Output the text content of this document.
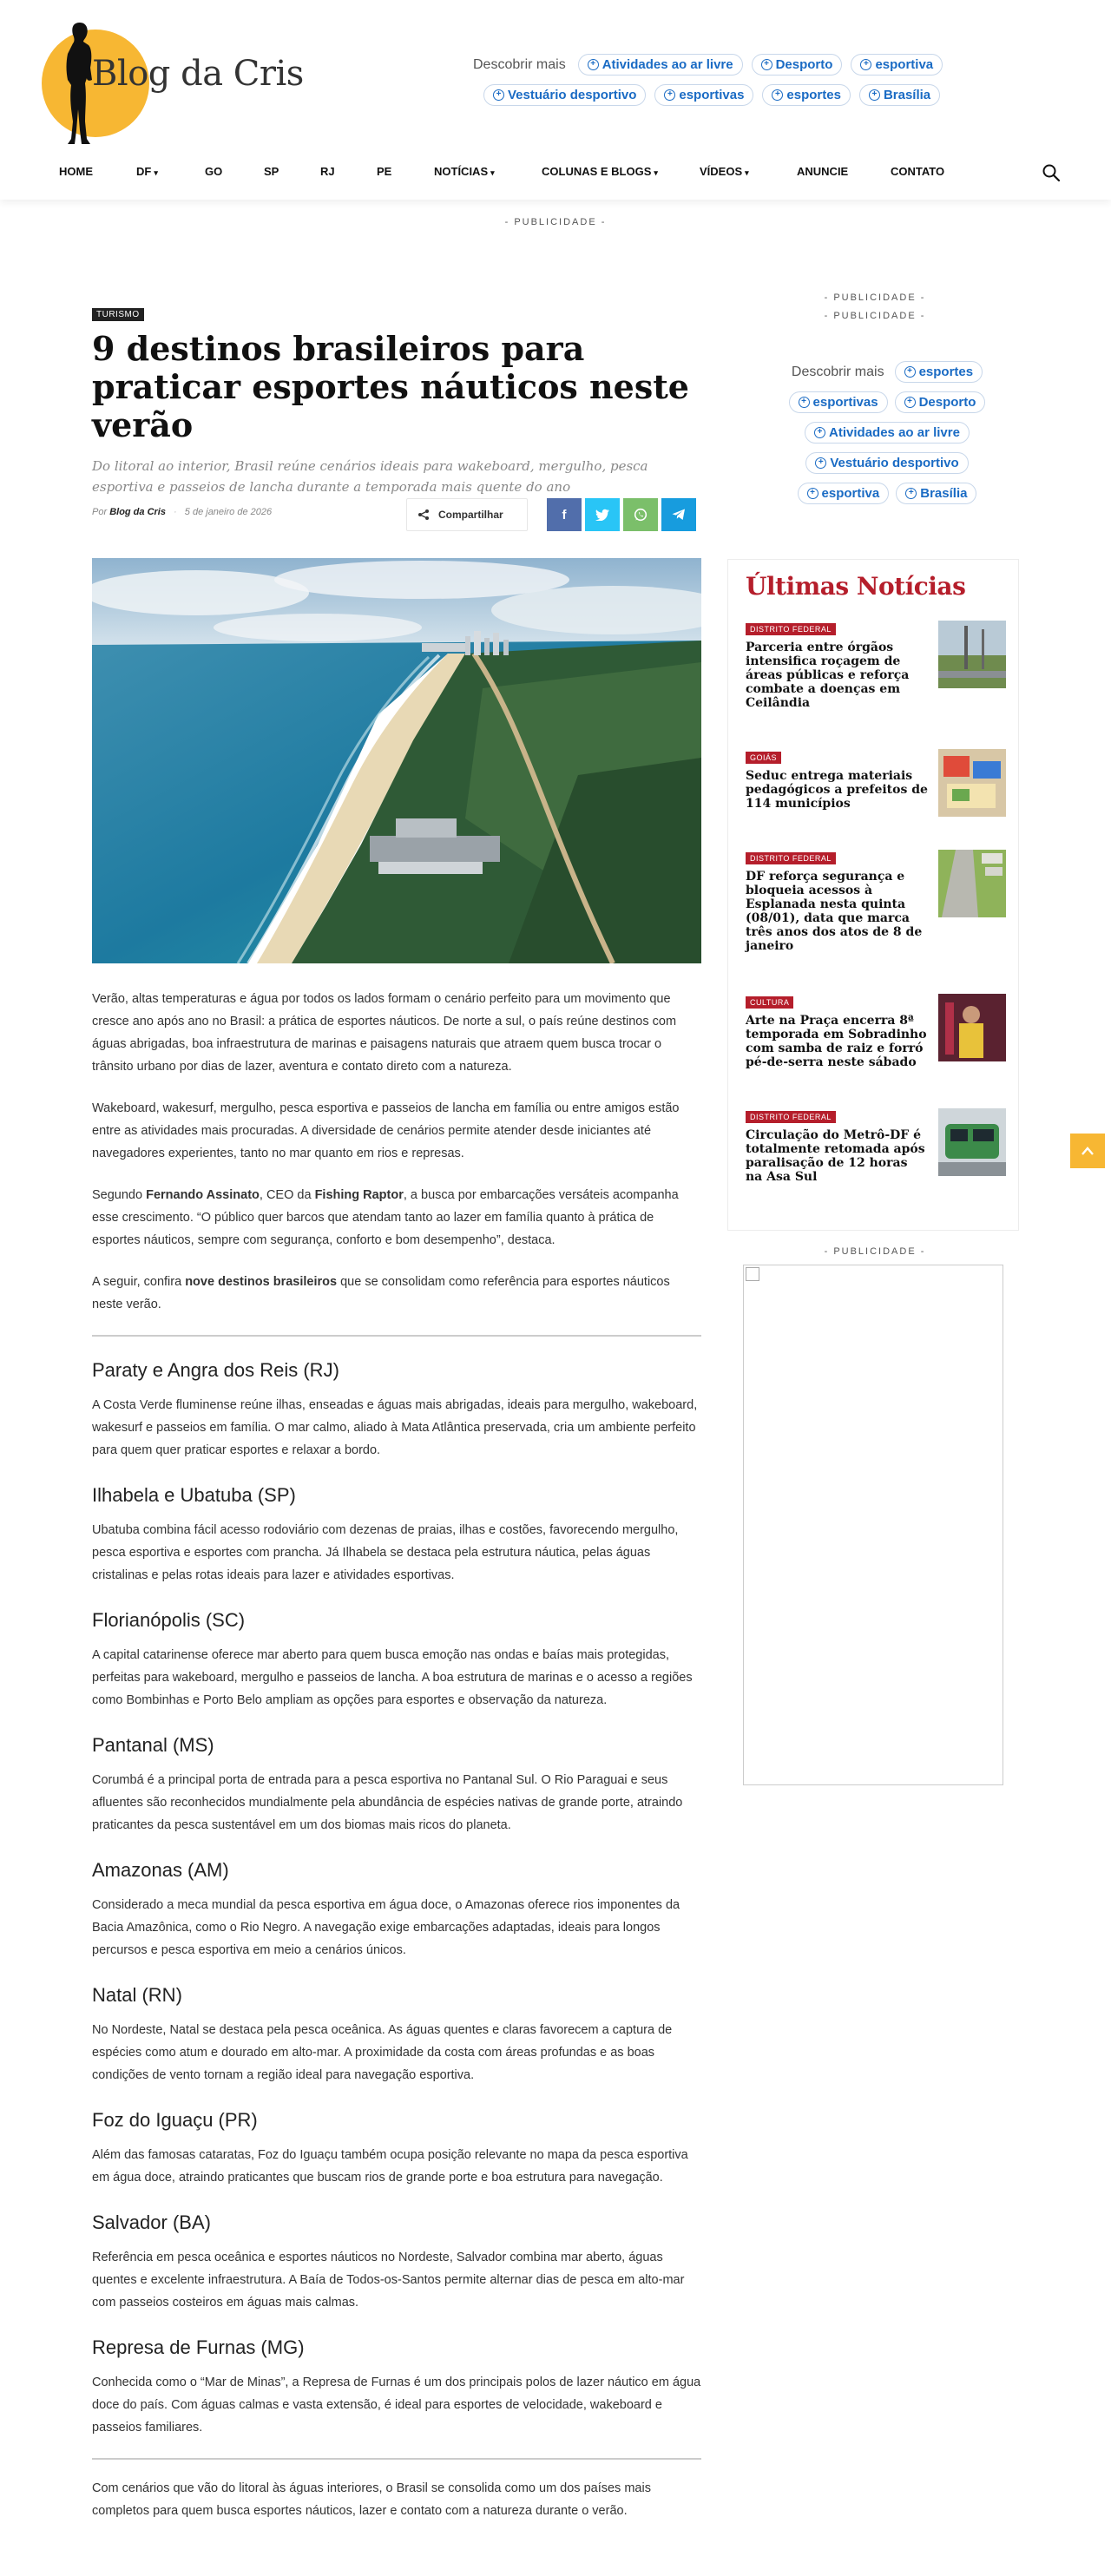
Blog da Cris	Descobrir mais	+ Atividades ao ar livre	+ Desporto	+ esportiva
+ Vestuário desportivo	+ esportivas	+ esportes	+ Brasília
HOME	DF ▾	GO	SP	RJ	PE	NOTÍCIAS ▾	COLUNAS E BLOGS ▾	VÍDEOS ▾	ANUNCIE	CONTATO
- PUBLICIDADE -
TURISMO
9 destinos brasileiros para praticar esportes náuticos neste verão
Do litoral ao interior, Brasil reúne cenários ideais para wakeboard, mergulho, pesca esportiva e passeios de lancha durante a temporada mais quente do ano
Por Blog da Cris · 5 de janeiro de 2026	Compartilhar	f

Verão, altas temperaturas e água por todos os lados formam o cenário perfeito para um movimento que cresce ano após ano no Brasil: a prática de esportes náuticos. De norte a sul, o país reúne destinos com águas abrigadas, boa infraestrutura de marinas e paisagens naturais que atraem quem busca trocar o trânsito urbano por dias de lazer, aventura e contato direto com a natureza.

Wakeboard, wakesurf, mergulho, pesca esportiva e passeios de lancha em família ou entre amigos estão entre as atividades mais procuradas. A diversidade de cenários permite atender desde iniciantes até navegadores experientes, tanto no mar quanto em rios e represas.

Segundo Fernando Assinato, CEO da Fishing Raptor, a busca por embarcações versáteis acompanha esse crescimento. “O público quer barcos que atendam tanto ao lazer em família quanto à prática de esportes náuticos, sempre com segurança, conforto e bom desempenho”, destaca.

A seguir, confira nove destinos brasileiros que se consolidam como referência para esportes náuticos neste verão.

Paraty e Angra dos Reis (RJ)

A Costa Verde fluminense reúne ilhas, enseadas e águas mais abrigadas, ideais para mergulho, wakeboard, wakesurf e passeios em família. O mar calmo, aliado à Mata Atlântica preservada, cria um ambiente perfeito para quem quer praticar esportes e relaxar a bordo.

Ilhabela e Ubatuba (SP)

Ubatuba combina fácil acesso rodoviário com dezenas de praias, ilhas e costões, favorecendo mergulho, pesca esportiva e esportes com prancha. Já Ilhabela se destaca pela estrutura náutica, pelas águas cristalinas e pelas rotas ideais para lazer e atividades esportivas.

Florianópolis (SC)

A capital catarinense oferece mar aberto para quem busca emoção nas ondas e baías mais protegidas, perfeitas para wakeboard, mergulho e passeios de lancha. A boa estrutura de marinas e o acesso a regiões como Bombinhas e Porto Belo ampliam as opções para esportes e observação da natureza.

Pantanal (MS)

Corumbá é a principal porta de entrada para a pesca esportiva no Pantanal Sul. O Rio Paraguai e seus afluentes são reconhecidos mundialmente pela abundância de espécies nativas de grande porte, atraindo praticantes da pesca sustentável em um dos biomas mais ricos do planeta.

Amazonas (AM)

Considerado a meca mundial da pesca esportiva em água doce, o Amazonas oferece rios imponentes da Bacia Amazônica, como o Rio Negro. A navegação exige embarcações adaptadas, ideais para longos percursos e pesca esportiva em meio a cenários únicos.

Natal (RN)

No Nordeste, Natal se destaca pela pesca oceânica. As águas quentes e claras favorecem a captura de espécies como atum e dourado em alto-mar. A proximidade da costa com áreas profundas e as boas condições de vento tornam a região ideal para navegação esportiva.

Foz do Iguaçu (PR)

Além das famosas cataratas, Foz do Iguaçu também ocupa posição relevante no mapa da pesca esportiva em água doce, atraindo praticantes que buscam rios de grande porte e boa estrutura para navegação.

Salvador (BA)

Referência em pesca oceânica e esportes náuticos no Nordeste, Salvador combina mar aberto, águas quentes e excelente infraestrutura. A Baía de Todos-os-Santos permite alternar dias de pesca em alto-mar com passeios costeiros em águas mais calmas.

Represa de Furnas (MG)

Conhecida como o “Mar de Minas”, a Represa de Furnas é um dos principais polos de lazer náutico em água doce do país. Com águas calmas e vasta extensão, é ideal para esportes de velocidade, wakeboard e passeios familiares.

Com cenários que vão do litoral às águas interiores, o Brasil se consolida como um dos países mais completos para quem busca esportes náuticos, lazer e contato com a natureza durante o verão.

- PUBLICIDADE -
- PUBLICIDADE -
Descobrir mais	+ esportes
+ esportivas	+ Desporto
+ Atividades ao ar livre
+ Vestuário desportivo
+ esportiva	+ Brasília
Últimas Notícias
DISTRITO FEDERAL
Parceria entre órgãos intensifica roçagem de áreas públicas e reforça combate a doenças em Ceilândia
GOIÁS
Seduc entrega materiais pedagógicos a prefeitos de 114 municípios
DISTRITO FEDERAL
DF reforça segurança e bloqueia acessos à Esplanada nesta quinta (08/01), data que marca três anos dos atos de 8 de janeiro
CULTURA
Arte na Praça encerra 8ª temporada em Sobradinho com samba de raiz e forró pé-de-serra neste sábado
DISTRITO FEDERAL
Circulação do Metrô-DF é totalmente retomada após paralisação de 12 horas na Asa Sul
- PUBLICIDADE -
